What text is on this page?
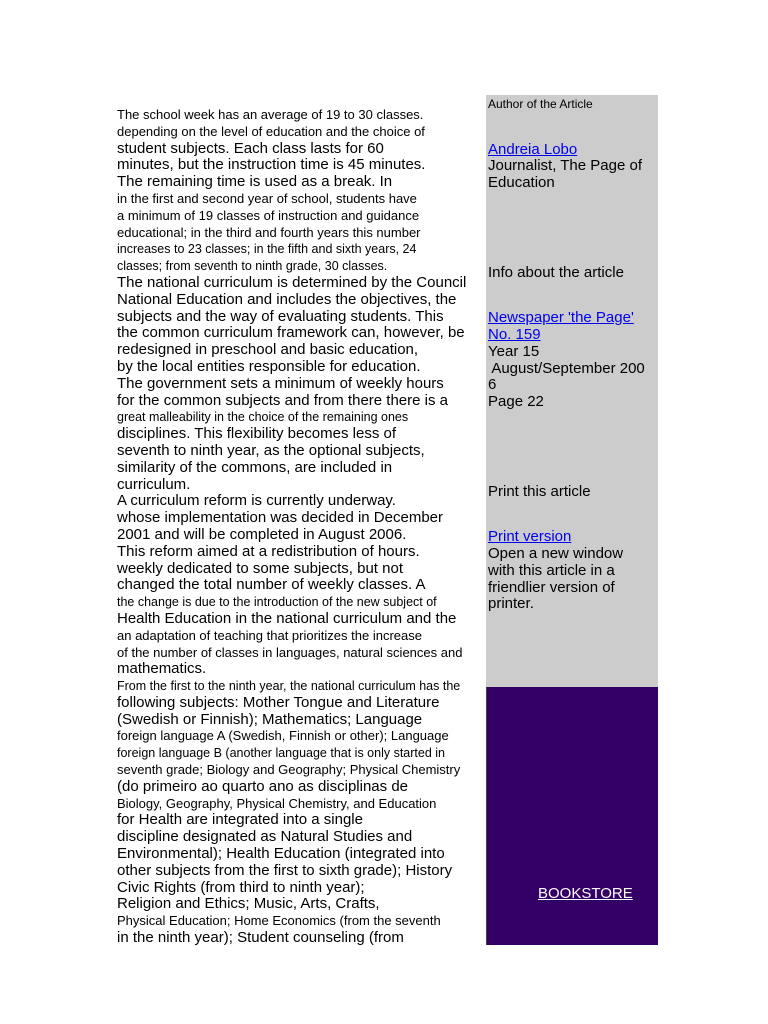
The school week has an average of 19 to 30 classes.
depending on the level of education and the choice of
student subjects. Each class lasts for 60
minutes, but the instruction time is 45 minutes.
The remaining time is used as a break. In
in the first and second year of school, students have
a minimum of 19 classes of instruction and guidance
educational; in the third and fourth years this number
increases to 23 classes; in the fifth and sixth years, 24
classes; from seventh to ninth grade, 30 classes.
The national curriculum is determined by the Council
National Education and includes the objectives, the
subjects and the way of evaluating students. This
the common curriculum framework can, however, be
redesigned in preschool and basic education,
by the local entities responsible for education.
The government sets a minimum of weekly hours
for the common subjects and from there there is a
great malleability in the choice of the remaining ones
disciplines. This flexibility becomes less of
seventh to ninth year, as the optional subjects,
similarity of the commons, are included in
curriculum.
A curriculum reform is currently underway.
whose implementation was decided in December
2001 and will be completed in August 2006.
This reform aimed at a redistribution of hours.
weekly dedicated to some subjects, but not
changed the total number of weekly classes. A
the change is due to the introduction of the new subject of
Health Education in the national curriculum and the
an adaptation of teaching that prioritizes the increase
of the number of classes in languages, natural sciences and
mathematics.
From the first to the ninth year, the national curriculum has the
following subjects: Mother Tongue and Literature
(Swedish or Finnish); Mathematics; Language
foreign language A (Swedish, Finnish or other); Language
foreign language B (another language that is only started in
seventh grade; Biology and Geography; Physical Chemistry
(do primeiro ao quarto ano as disciplinas de
Biology, Geography, Physical Chemistry, and Education
for Health are integrated into a single
discipline designated as Natural Studies and
Environmental); Health Education (integrated into
other subjects from the first to sixth grade); History
Civic Rights (from third to ninth year);
Religion and Ethics; Music, Arts, Crafts,
Physical Education; Home Economics (from the seventh
in the ninth year); Student counseling (from
Author of the Article
Andreia Lobo
Journalist, The Page of
Education
Info about the article
Newspaper 'the Page'
No. 159
Year 15
August/September 200
6
Page 22
Print this article
Print version
Open a new window
with this article in a
friendlier version of
printer.
BOOKSTORE
